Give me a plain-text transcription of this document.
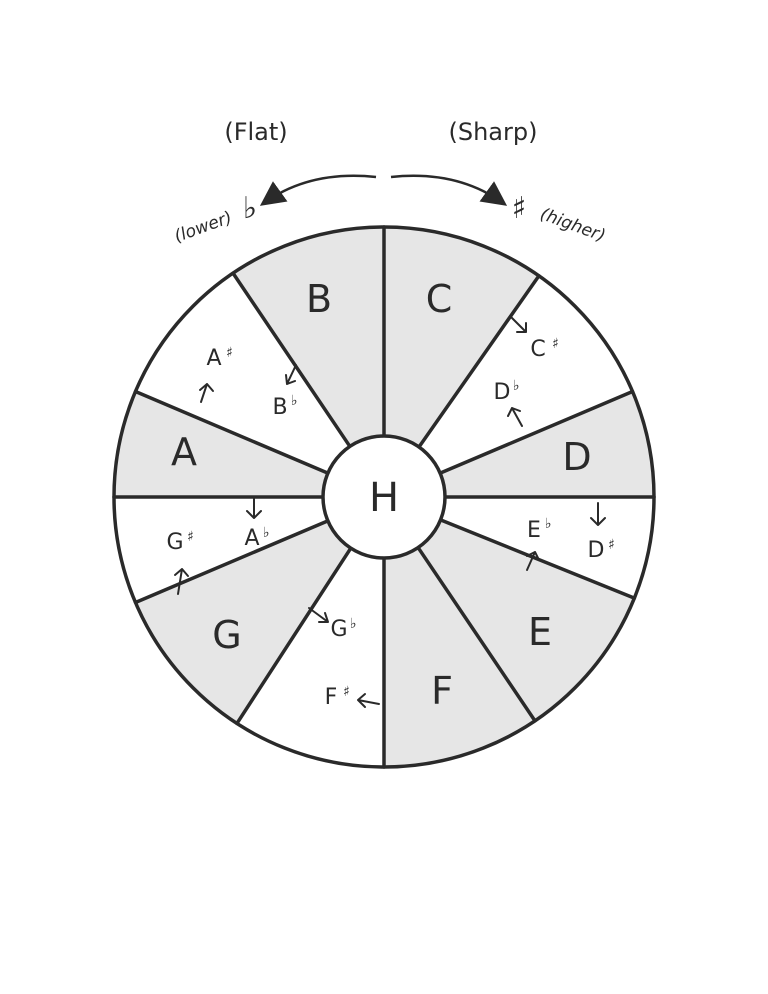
(Flat)	(Sharp)
(lower) ♭	♯ (higher)
H
B C
D
E
F
G
A
C ♯
D ♭
E ♭
D ♯
G ♭
F ♯
A ♭
G ♯
A ♯
B ♭
